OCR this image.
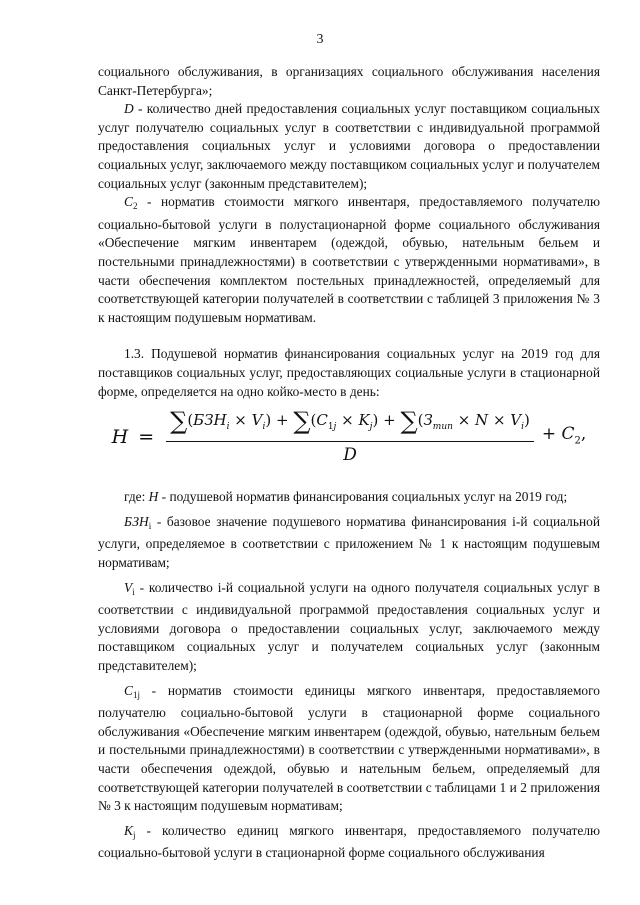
3

социального обслуживания, в организациях социального обслуживания населения Санкт-Петербурга»;

D - количество дней предоставления социальных услуг поставщиком социальных услуг получателю социальных услуг в соответствии с индивидуальной программой предоставления социальных услуг и условиями договора о предоставлении социальных услуг, заключаемого между поставщиком социальных услуг и получателем социальных услуг (законным представителем);

$C_2$ - норматив стоимости мягкого инвентаря, предоставляемого получателю социально-бытовой услуги в полустационарной форме социального обслуживания «Обеспечение мягким инвентарем (одеждой, обувью, нательным бельем и постельными принадлежностями) в соответствии с утвержденными нормативами», в части обеспечения комплектом постельных принадлежностей, определяемый для соответствующей категории получателей в соответствии с таблицей 3 приложения № 3 к настоящим подушевым нормативам.

1.3. Подушевой норматив финансирования социальных услуг на 2019 год для поставщиков социальных услуг, предоставляющих социальные услуги в стационарной форме, определяется на одно койко-место в день:

$H = \frac{\sum(БЗН_i \times V_i) + \sum(C_{1j} \times K_j) + \sum(З_{mun} \times N \times V_i)}{D} + C_2$,

где: H - подушевой норматив финансирования социальных услуг на 2019 год;

$БЗН_i$ - базовое значение подушевого норматива финансирования i-й социальной услуги, определяемое в соответствии с приложением № 1 к настоящим подушевым нормативам;

$V_i$ - количество i-й социальной услуги на одного получателя социальных услуг в соответствии с индивидуальной программой предоставления социальных услуг и условиями договора о предоставлении социальных услуг, заключаемого между поставщиком социальных услуг и получателем социальных услуг (законным представителем);

$C_{1j}$ - норматив стоимости единицы мягкого инвентаря, предоставляемого получателю социально-бытовой услуги в стационарной форме социального обслуживания «Обеспечение мягким инвентарем (одеждой, обувью, нательным бельем и постельными принадлежностями) в соответствии с утвержденными нормативами», в части обеспечения одеждой, обувью и нательным бельем, определяемый для соответствующей категории получателей в соответствии с таблицами 1 и 2 приложения № 3 к настоящим подушевым нормативам;

$K_j$ - количество единиц мягкого инвентаря, предоставляемого получателю социально-бытовой услуги в стационарной форме социального обслуживания
